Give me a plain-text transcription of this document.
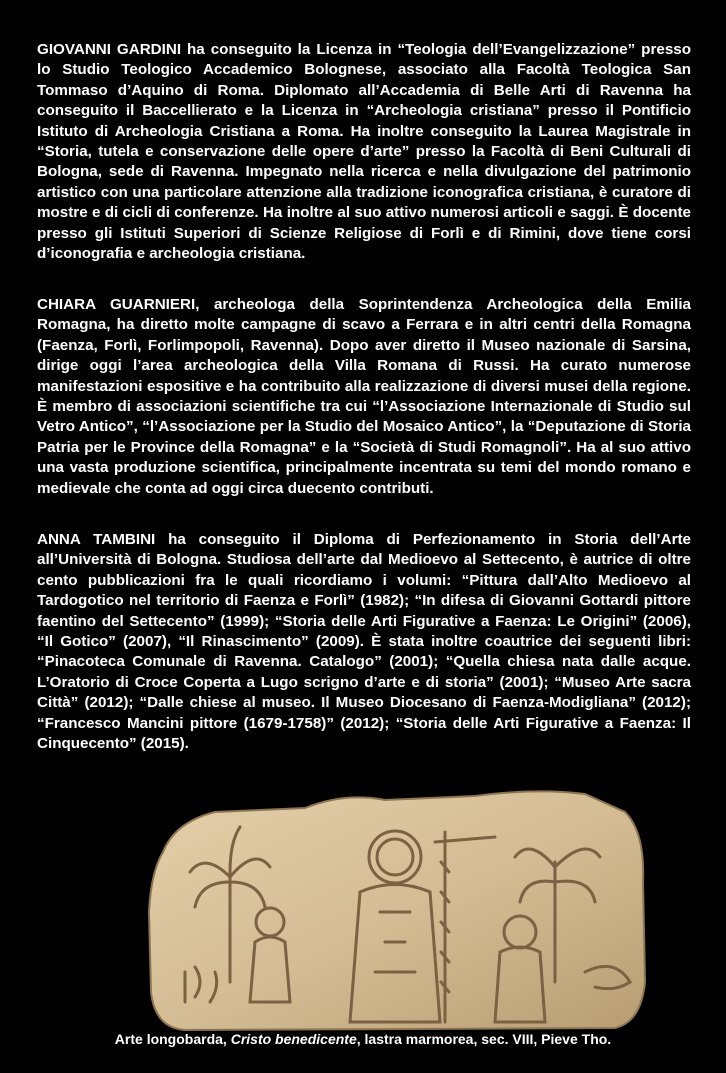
GIOVANNI GARDINI ha conseguito la Licenza in “Teologia dell’Evangelizzazione” presso lo Studio Teologico Accademico Bolognese, associato alla Facoltà Teologica San Tommaso d’Aquino di Roma. Diplomato all’Accademia di Belle Arti di Ravenna ha conseguito il Baccellierato e la Licenza in “Archeologia cristiana” presso il Pontificio Istituto di Archeologia Cristiana a Roma. Ha inoltre conseguito la Laurea Magistrale in “Storia, tutela e conservazione delle opere d’arte” presso la Facoltà di Beni Culturali di Bologna, sede di Ravenna. Impegnato nella ricerca e nella divulgazione del patrimonio artistico con una particolare attenzione alla tradizione iconografica cristiana, è curatore di mostre e di cicli di conferenze. Ha inoltre al suo attivo numerosi articoli e saggi. È docente presso gli Istituti Superiori di Scienze Religiose di Forlì e di Rimini, dove tiene corsi d’iconografia e archeologia cristiana.

CHIARA GUARNIERI, archeologa della Soprintendenza Archeologica della Emilia Romagna, ha diretto molte campagne di scavo a Ferrara e in altri centri della Romagna (Faenza, Forlì, Forlimpopoli, Ravenna). Dopo aver diretto il Museo nazionale di Sarsina, dirige oggi l’area archeologica della Villa Romana di Russi. Ha curato numerose manifestazioni espositive e ha contribuito alla realizzazione di diversi musei della regione. È membro di associazioni scientifiche tra cui “l’Associazione Internazionale di Studio sul Vetro Antico”, “l’Associazione per la Studio del Mosaico Antico”, la “Deputazione di Storia Patria per le Province della Romagna” e la “Società di Studi Romagnoli”. Ha al suo attivo una vasta produzione scientifica, principalmente incentrata su temi del mondo romano e medievale che conta ad oggi circa duecento contributi.

ANNA TAMBINI ha conseguito il Diploma di Perfezionamento in Storia dell’Arte all’Università di Bologna. Studiosa dell’arte dal Medioevo al Settecento, è autrice di oltre cento pubblicazioni fra le quali ricordiamo i volumi: “Pittura dall’Alto Medioevo al Tardogotico nel territorio di Faenza e Forlì” (1982); “In difesa di Giovanni Gottardi pittore faentino del Settecento” (1999); “Storia delle Arti Figurative a Faenza: Le Origini” (2006), “Il Gotico” (2007), “Il Rinascimento” (2009). È stata inoltre coautrice dei seguenti libri: “Pinacoteca Comunale di Ravenna. Catalogo” (2001); “Quella chiesa nata dalle acque. L’Oratorio di Croce Coperta a Lugo scrigno d’arte e di storia” (2001); “Museo Arte sacra Città” (2012); “Dalle chiese al museo. Il Museo Diocesano di Faenza-Modigliana” (2012); “Francesco Mancini pittore (1679-1758)” (2012); “Storia delle Arti Figurative a Faenza: Il Cinquecento” (2015).

Arte longobarda, Cristo benedicente, lastra marmorea, sec. VIII, Pieve Tho.
